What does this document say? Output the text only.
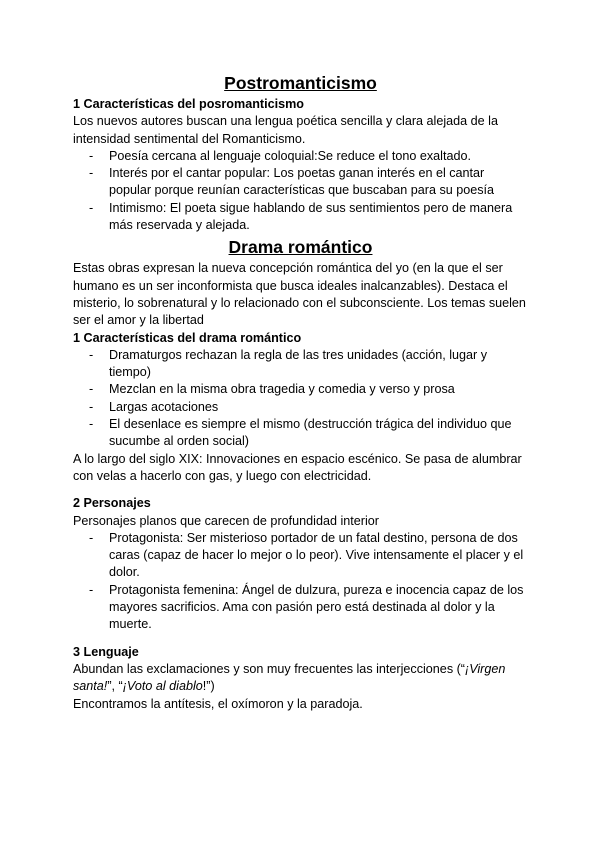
Postromanticismo
1 Características del posromanticismo

Los nuevos autores buscan una lengua poética sencilla y clara alejada de la intensidad sentimental del Romanticismo.

- Poesía cercana al lenguaje coloquial:Se reduce el tono exaltado.
- Interés por el cantar popular: Los poetas ganan interés en el cantar popular porque reunían características que buscaban para su poesía
- Intimismo: El poeta sigue hablando de sus sentimientos pero de manera más reservada y alejada.
Drama romántico

Estas obras expresan la nueva concepción romántica del yo (en la que el ser humano es un ser inconformista que busca ideales inalcanzables). Destaca el misterio, lo sobrenatural y lo relacionado con el subconsciente. Los temas suelen ser el amor y la libertad

1 Características del drama romántico
- Dramaturgos rechazan la regla de las tres unidades (acción, lugar y tiempo)
- Mezclan en la misma obra tragedia y comedia y verso y prosa
- Largas acotaciones
- El desenlace es siempre el mismo (destrucción trágica del individuo que sucumbe al orden social)

A lo largo del siglo XIX: Innovaciones en espacio escénico. Se pasa de alumbrar con velas a hacerlo con gas, y luego con electricidad.

2 Personajes

Personajes planos que carecen de profundidad interior

- Protagonista: Ser misterioso portador de un fatal destino, persona de dos caras (capaz de hacer lo mejor o lo peor). Vive intensamente el placer y el dolor.
- Protagonista femenina: Ángel de dulzura, pureza e inocencia capaz de los mayores sacrificios. Ama con pasión pero está destinada al dolor y la muerte.
3 Lenguaje

Abundan las exclamaciones y son muy frecuentes las interjecciones (“¡Virgen santa!”, “¡Voto al diablo!”)

Encontramos la antítesis, el oxímoron y la paradoja.
